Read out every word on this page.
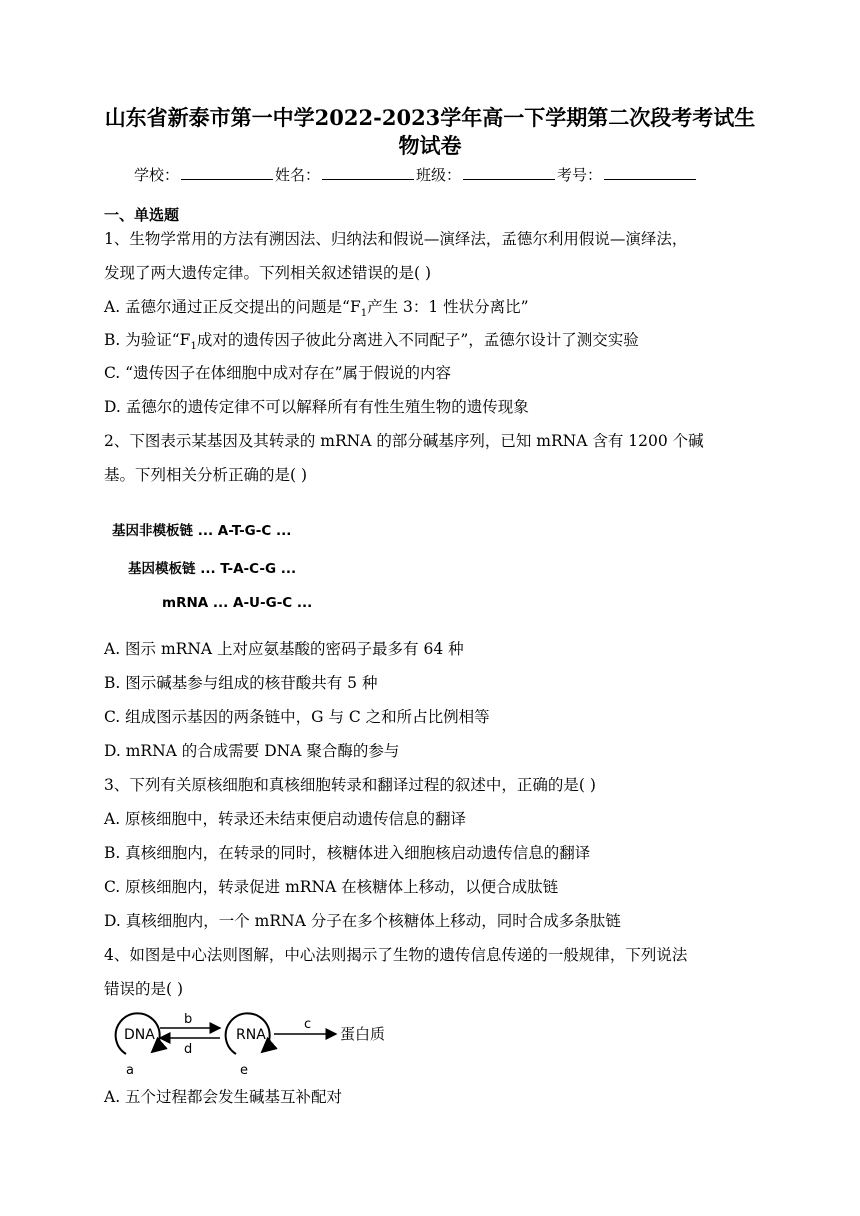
山东省新泰市第一中学2022-2023学年高一下学期第二次段考考试生
物试卷
学校：	姓名：	班级：	考号：
一、单选题
1、生物学常用的方法有溯因法、归纳法和假说—演绎法，孟德尔利用假说—演绎法，
发现了两大遗传定律。下列相关叙述错误的是( )
A. 孟德尔通过正反交提出的问题是“$F_1$产生 3：1 性状分离比”
B. 为验证“$F_1$成对的遗传因子彼此分离进入不同配子”，孟德尔设计了测交实验
C. “遗传因子在体细胞中成对存在”属于假说的内容
D. 孟德尔的遗传定律不可以解释所有有性生殖生物的遗传现象
2、下图表示某基因及其转录的 mRNA 的部分碱基序列，已知 mRNA 含有 1200 个碱
基。下列相关分析正确的是( )
基因非模板链 ... A-T-G-C ...
基因模板链 ... T-A-C-G ...
mRNA ... A-U-G-C ...
A. 图示 mRNA 上对应氨基酸的密码子最多有 64 种
B. 图示碱基参与组成的核苷酸共有 5 种
C. 组成图示基因的两条链中，G 与 C 之和所占比例相等
D. mRNA 的合成需要 DNA 聚合酶的参与
3、下列有关原核细胞和真核细胞转录和翻译过程的叙述中，正确的是( )
A. 原核细胞中，转录还未结束便启动遗传信息的翻译
B. 真核细胞内，在转录的同时，核糖体进入细胞核启动遗传信息的翻译
C. 原核细胞内，转录促进 mRNA 在核糖体上移动，以便合成肽链
D. 真核细胞内，一个 mRNA 分子在多个核糖体上移动，同时合成多条肽链
4、如图是中心法则图解，中心法则揭示了生物的遗传信息传递的一般规律，下列说法
错误的是( )
DNA
a
b
d
RNA
e
c
蛋白质
A. 五个过程都会发生碱基互补配对
